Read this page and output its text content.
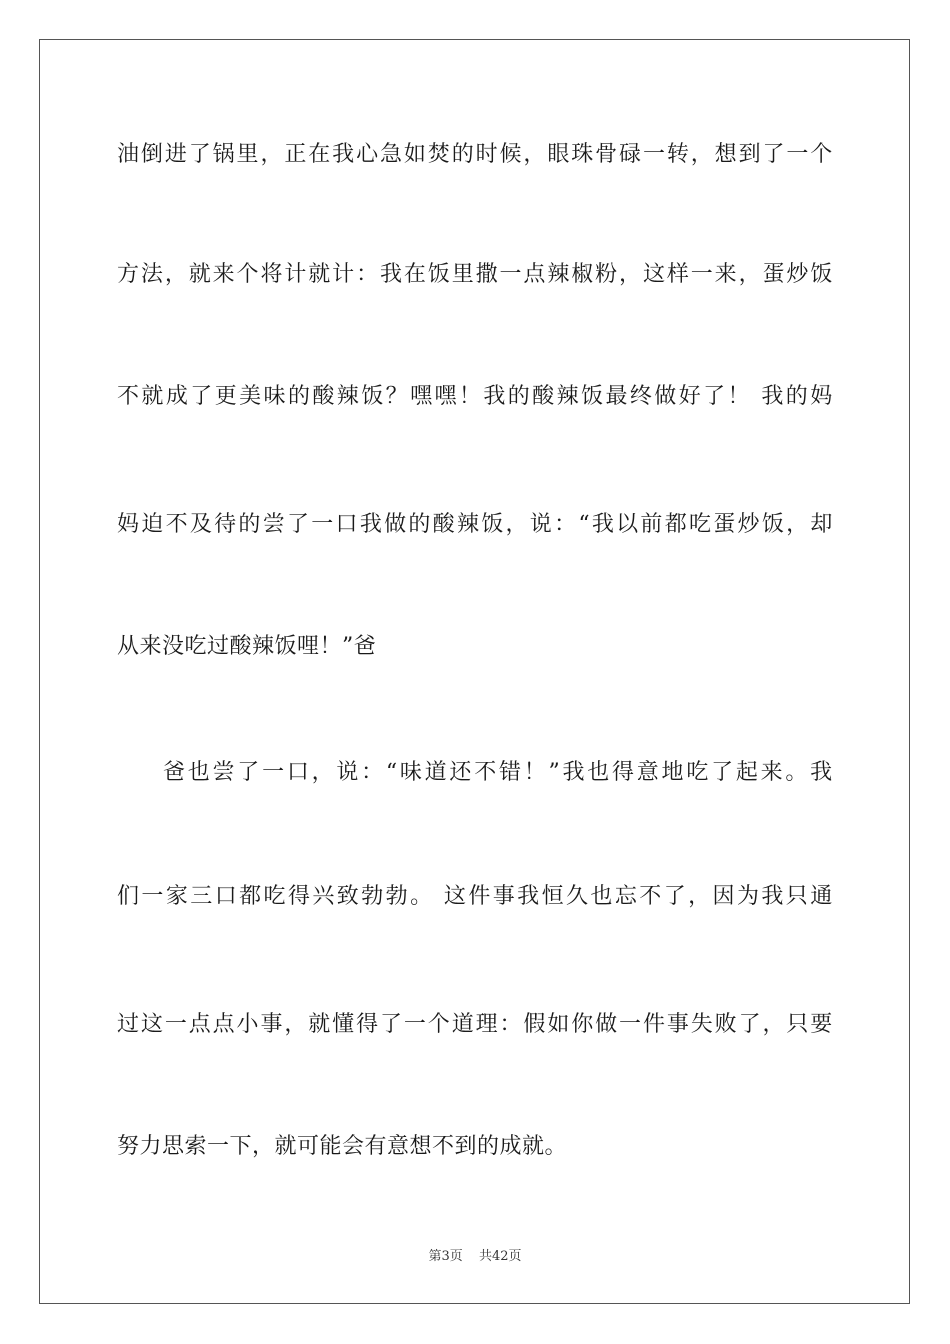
油 倒 进 了 锅 里 ， 正 在 我 心 急 如 焚 的 时 候 ， 眼 珠 骨 碌 一 转 ， 想 到 了 一 个
方 法 ， 就 来 个 将 计 就 计 ： 我 在 饭 里 撒 一 点 辣 椒 粉 ， 这 样 一 来 ， 蛋 炒 饭
不 就 成 了 更 美 味 的 酸 辣 饭 ？ 嘿 嘿 ！ 我 的 酸 辣 饭 最 终 做 好 了 ！
我 的 妈
妈 迫 不 及 待 的 尝 了 一 口 我 做 的 酸 辣 饭 ， 说 ： “ 我 以 前 都 吃 蛋 炒 饭 ， 却
从来没吃过酸辣饭哩！”爸
爸 也 尝 了 一 口 ， 说 ： “ 味 道 还 不 错 ！ ” 我 也 得 意 地 吃 了 起 来 。 我
们 一 家 三 口 都 吃 得 兴 致 勃 勃 。
这 件 事 我 恒 久 也 忘 不 了 ， 因 为 我 只 通
过 这 一 点 点 小 事 ， 就 懂 得 了 一 个 道 理 ： 假 如 你 做 一 件 事 失 败 了 ， 只 要
努力思索一下，就可能会有意想不到的成就。
第3页 共42页
